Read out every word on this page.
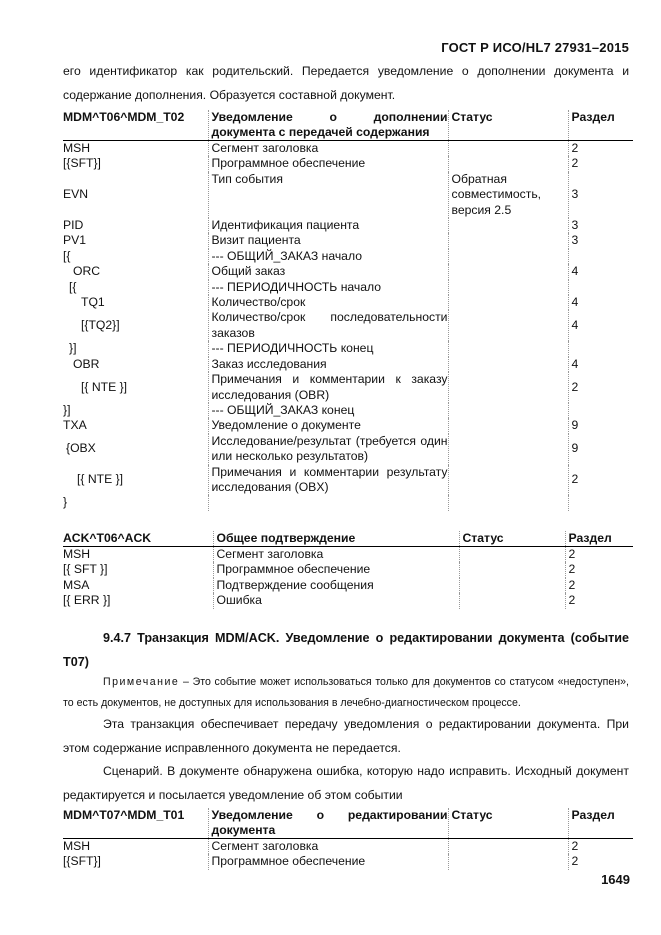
ГОСТ Р ИСО/HL7 27931–2015
его идентификатор как родительский. Передается уведомление о дополнении документа и содержание дополнения. Образуется составной документ.
MDM^T06^MDM_T02	Уведомление о дополнении документа с передачей содержания	Статус	Раздел
MSH	Сегмент заголовка		2
[{SFT}]	Программное обеспечение		2
EVN	Тип события	Обратная совместимость, версия 2.5	3
PID	Идентификация пациента		3
PV1	Визит пациента		3
[{	--- ОБЩИЙ_ЗАКАЗ начало		
ORC	Общий заказ		4
[{	--- ПЕРИОДИЧНОСТЬ начало		
TQ1	Количество/срок		4
[{TQ2}]	Количество/срок последовательности заказов		4
}]	--- ПЕРИОДИЧНОСТЬ конец		
OBR	Заказ исследования		4
[{ NTE }]	Примечания и комментарии к заказу исследования (OBR)		2
}]	--- ОБЩИЙ_ЗАКАЗ конец		
TXA	Уведомление о документе		9
{OBX	Исследование/результат (требуется один или несколько результатов)		9
[{ NTE }]	Примечания и комментарии результату исследования (OBX)		2
}			
ACK^T06^ACK	Общее подтверждение	Статус	Раздел
MSH	Сегмент заголовка		2
[{ SFT }]	Программное обеспечение		2
MSA	Подтверждение сообщения		2
[{ ERR }]	Ошибка		2
9.4.7 Транзакция MDM/ACK. Уведомление о редактировании документа (событие T07)
Примечание – Это событие может использоваться только для документов со статусом «недоступен», то есть документов, не доступных для использования в лечебно-диагностическом процессе.
Эта транзакция обеспечивает передачу уведомления о редактировании документа. При этом содержание исправленного документа не передается.
Сценарий. В документе обнаружена ошибка, которую надо исправить. Исходный документ редактируется и посылается уведомление об этом событии
MDM^T07^MDM_T01	Уведомление о редактировании документа	Статус	Раздел
MSH	Сегмент заголовка		2
[{SFT}]	Программное обеспечение		2
1649
